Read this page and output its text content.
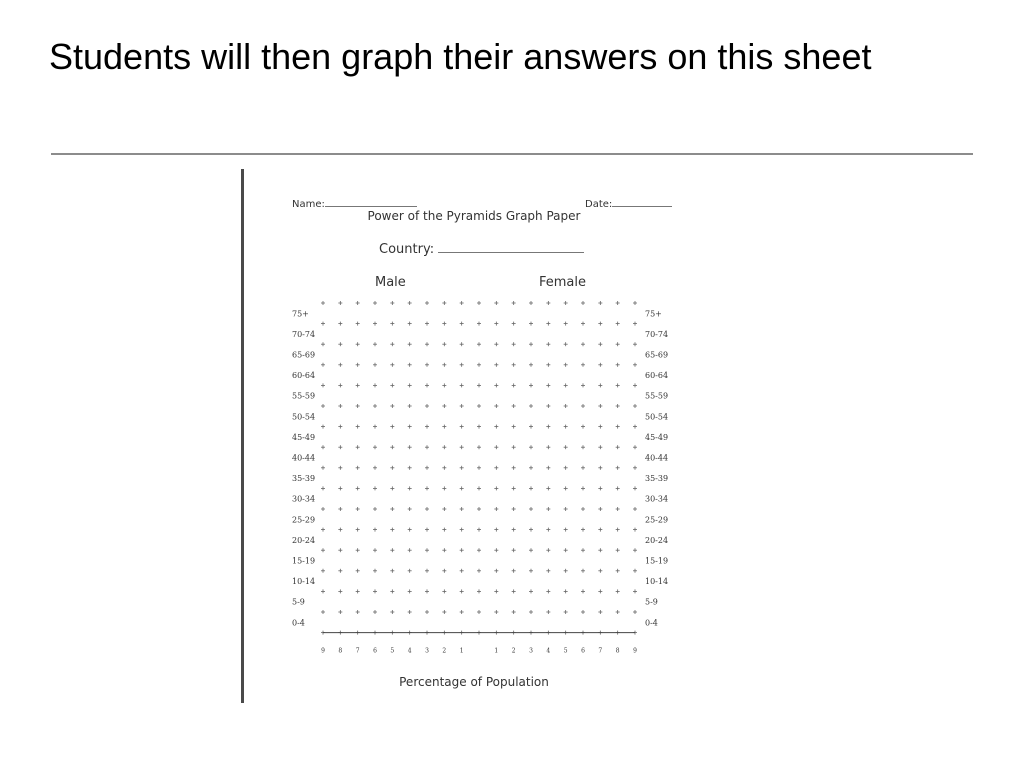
Students will then graph their answers on this sheet
Name:	Date:
Power of the Pyramids Graph Paper
Country:
Male	Female
75+	75+
70-74	70-74
65-69	65-69
60-64	60-64
55-59	55-59
50-54	50-54
45-49	45-49
40-44	40-44
35-39	35-39
30-34	30-34
25-29	25-29
20-24	20-24
15-19	15-19
10-14	10-14
5-9	5-9
0-4	0-4
9 8 7 6 5 4 3 2 1	1 2 3 4 5 6 7 8 9
Percentage of Population
